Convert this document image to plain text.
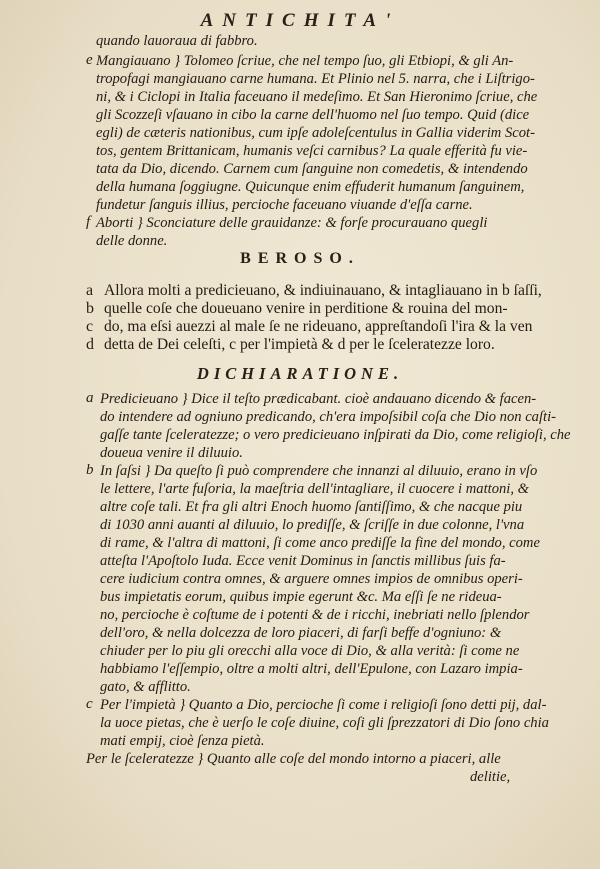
ANTICHITA'
quando lauoraua di fabbro.
e Mangiauano } Tolomeo ſcriue, che nel tempo ſuo, gli Etbiopi, & gli An-
tropofagi mangiauano carne humana. Et Plinio nel 5. narra, che i Liſtrigo-
ni, & i Ciclopi in Italia faceuano il medeſimo. Et San Hieronimo ſcriue, che
gli Scozzeſi vſauano in cibo la carne dell'huomo nel ſuo tempo. Quid (dice
egli) de cæteris nationibus, cum ipſe adoleſcentulus in Gallia viderim Scot-
tos, gentem Brittanicam, humanis veſci carnibus? La quale efferità fu vie-
tata da Dio, dicendo. Carnem cum ſanguine non comedetis, & intendendo
della humana ſoggiugne. Quicunque enim effuderit humanum ſanguinem,
fundetur ſanguis illius, percioche faceuano viuande d'eſſa carne.
f Aborti } Sconciature delle grauidanze: & forſe procurauano quegli
delle donne.
BEROSO.
a Allora molti a predicieuano, & indiuinauano, & intagliauano in b ſaſſi,
b quelle coſe che doueuano venire in perditione & rouina del mon-
c do, ma eſsi auezzi al male ſe ne rideuano, appreſtandoſi l'ira & la ven
d detta de Dei celeſti, c per l'impietà & d per le ſceleratezze loro.
DICHIARATIONE.
a Predicieuano } Dice il teſto prædicabant. cioè andauano dicendo & facen-
do intendere ad ogniuno predicando, ch'era impoſsibil coſa che Dio non caſti-
gaſſe tante ſceleratezze; o vero predicieuano inſpirati da Dio, come religioſi, che
doueua venire il diluuio.
b In ſaſsi } Da queſto ſi può comprendere che innanzi al diluuio, erano in vſo
le lettere, l'arte fuſoria, la maeſtria dell'intagliare, il cuocere i mattoni, &
altre coſe tali. Et fra gli altri Enoch huomo ſantiſſimo, & che nacque piu
di 1030 anni auanti al diluuio, lo prediſſe, & ſcriſſe in due colonne, l'vna
di rame, & l'altra di mattoni, ſi come anco prediſſe la fine del mondo, come
atteſta l'Apoſtolo Iuda. Ecce venit Dominus in ſanctis millibus ſuis fa-
cere iudicium contra omnes, & arguere omnes impios de omnibus operi-
bus impietatis eorum, quibus impie egerunt &c. Ma eſſi ſe ne rideua-
no, percioche è coſtume de i potenti & de i ricchi, inebriati nello ſplendor
dell'oro, & nella dolcezza de loro piaceri, di farſi beffe d'ogniuno: &
chiuder per lo piu gli orecchi alla voce di Dio, & alla verità: ſi come ne
habbiamo l'eſſempio, oltre a molti altri, dell'Epulone, con Lazaro impia-
gato, & afflitto.
c Per l'impietà } Quanto a Dio, percioche ſi come i religioſi ſono detti pij, dal-
la uoce pietas, che è uerſo le coſe diuine, coſi gli ſprezzatori di Dio ſono chia
mati empij, cioè ſenza pietà.
Per le ſceleratezze } Quanto alle coſe del mondo intorno a piaceri, alle
delitie,
